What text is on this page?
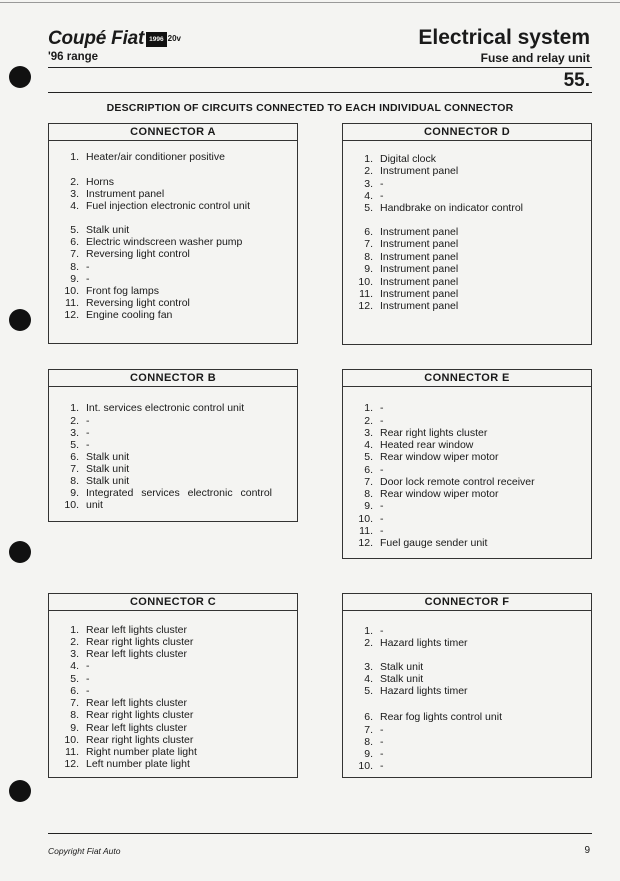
Coupé Fiat 1996 20v
'96 range
Electrical system
Fuse and relay unit
55.
DESCRIPTION OF CIRCUITS CONNECTED TO EACH INDIVIDUAL CONNECTOR
CONNECTOR A
1. Heater/air conditioner positive
2. Horns
3. Instrument panel
4. Fuel injection electronic control unit
5. Stalk unit
6. Electric windscreen washer pump
7. Reversing light control
8. -
9. -
10. Front fog lamps
11. Reversing light control
12. Engine cooling fan
CONNECTOR D
1. Digital clock
2. Instrument panel
3. -
4. -
5. Handbrake on indicator control
6. Instrument panel
7. Instrument panel
8. Instrument panel
9. Instrument panel
10. Instrument panel
11. Instrument panel
12. Instrument panel
CONNECTOR B
1. Int. services electronic control unit
2. -
3. -
5. -
6. Stalk unit
7. Stalk unit
8. Stalk unit
9. Integrated services electronic control
10. unit
CONNECTOR E
1. -
2. -
3. Rear right lights cluster
4. Heated rear window
5. Rear window wiper motor
6. -
7. Door lock remote control receiver
8. Rear window wiper motor
9. -
10. -
11. -
12. Fuel gauge sender unit
CONNECTOR C
1. Rear left lights cluster
2. Rear right lights cluster
3. Rear left lights cluster
4. -
5. -
6. -
7. Rear left lights cluster
8. Rear right lights cluster
9. Rear left lights cluster
10. Rear right lights cluster
11. Right number plate light
12. Left number plate light
CONNECTOR F
1. -
2. Hazard lights timer
3. Stalk unit
4. Stalk unit
5. Hazard lights timer
6. Rear fog lights control unit
7. -
8. -
9. -
10. -
Copyright Fiat Auto	9
